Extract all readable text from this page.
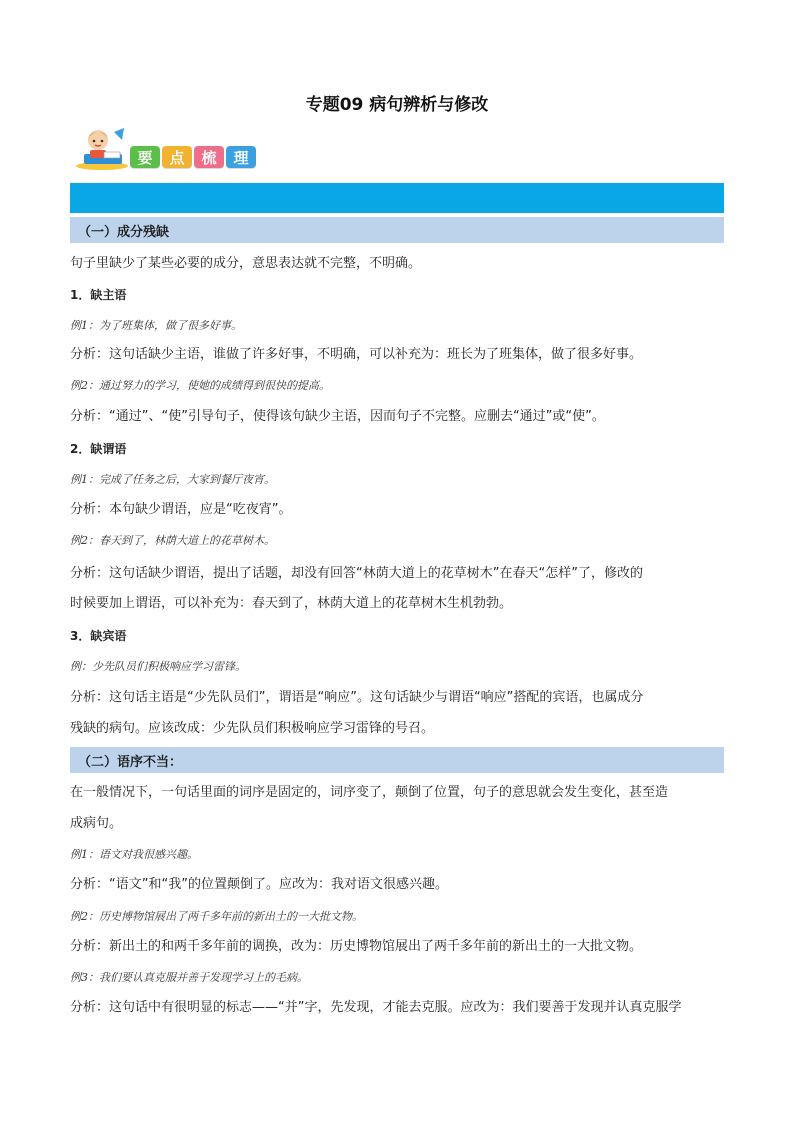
专题09 病句辨析与修改
要	点	梳	理
（一）成分残缺
句子里缺少了某些必要的成分，意思表达就不完整，不明确。
1．缺主语
例1：为了班集体，做了很多好事。
分析：这句话缺少主语，谁做了许多好事，不明确，可以补充为：班长为了班集体，做了很多好事。
例2：通过努力的学习，使她的成绩得到很快的提高。
分析：“通过”、“使”引导句子，使得该句缺少主语，因而句子不完整。应删去“通过”或“使”。
2．缺谓语
例1：完成了任务之后，大家到餐厅夜宵。
分析：本句缺少谓语，应是“吃夜宵”。
例2：春天到了，林荫大道上的花草树木。
分析：这句话缺少谓语，提出了话题，却没有回答“林荫大道上的花草树木”在春天“怎样”了，修改的
时候要加上谓语，可以补充为：春天到了，林荫大道上的花草树木生机勃勃。
3．缺宾语
例：少先队员们积极响应学习雷锋。
分析：这句话主语是“少先队员们”，谓语是“响应”。这句话缺少与谓语“响应”搭配的宾语，也属成分
残缺的病句。应该改成：少先队员们积极响应学习雷锋的号召。
（二）语序不当：
在一般情况下，一句话里面的词序是固定的，词序变了，颠倒了位置，句子的意思就会发生变化，甚至造
成病句。
例1：语文对我很感兴趣。
分析：“语文”和“我”的位置颠倒了。应改为：我对语文很感兴趣。
例2：历史博物馆展出了两千多年前的新出土的一大批文物。
分析：新出土的和两千多年前的调换，改为：历史博物馆展出了两千多年前的新出土的一大批文物。
例3：我们要认真克服并善于发现学习上的毛病。
分析：这句话中有很明显的标志——“并”字，先发现，才能去克服。应改为：我们要善于发现并认真克服学
